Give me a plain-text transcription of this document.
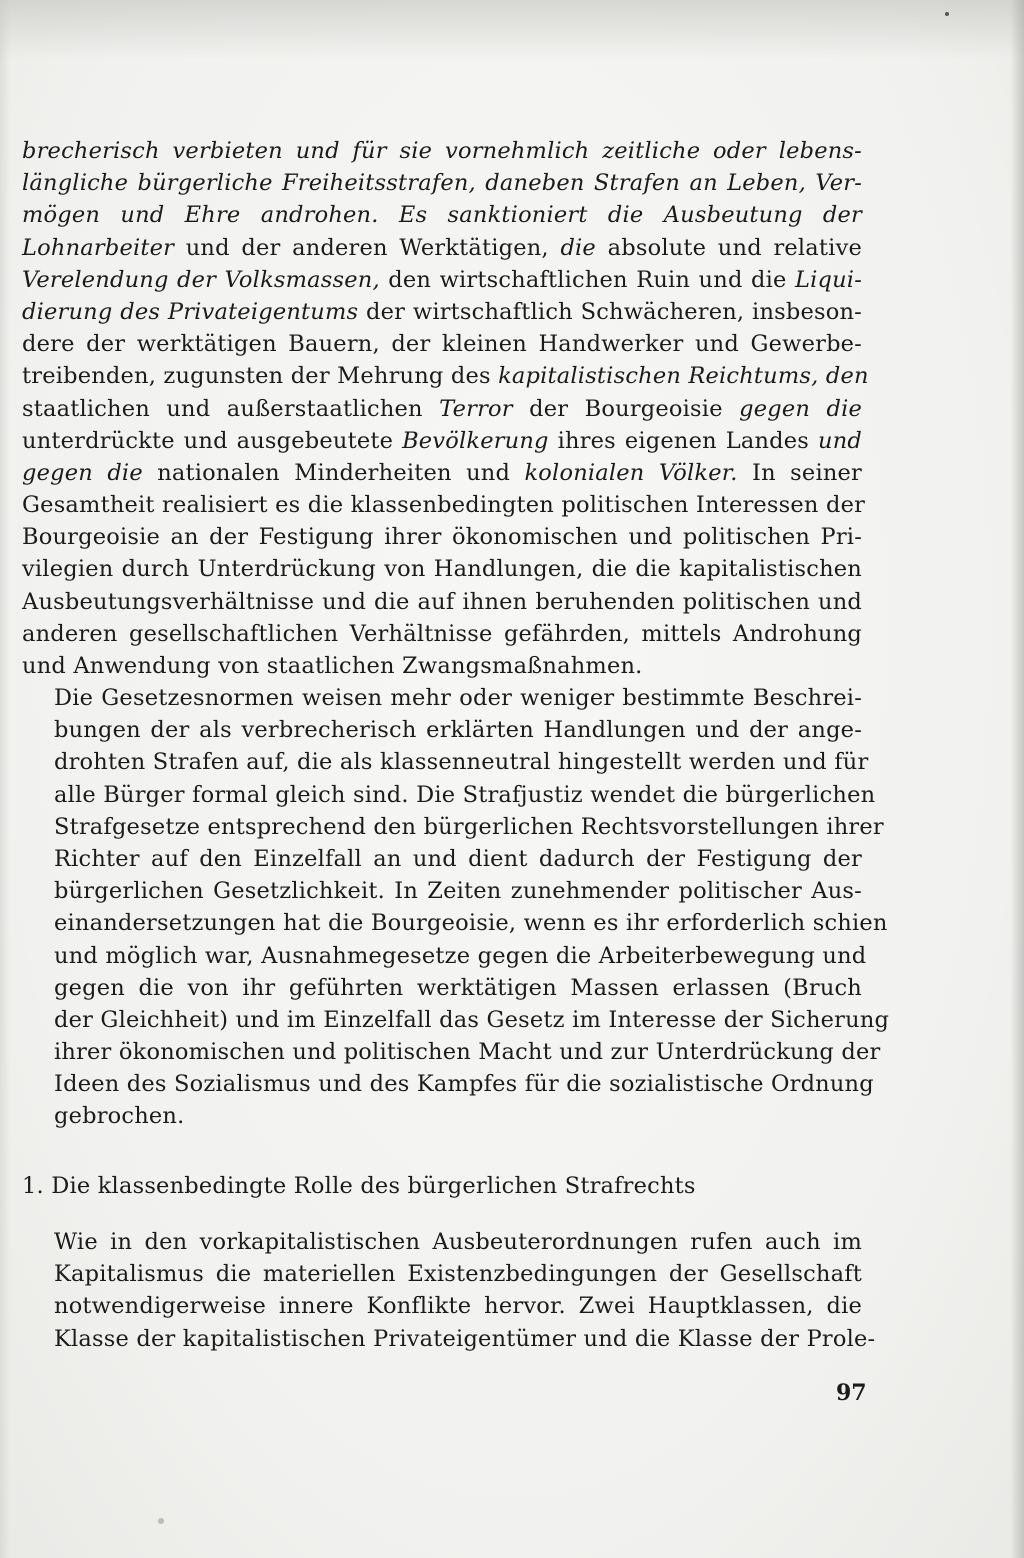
brecherisch verbieten und für sie vornehmlich zeitliche oder lebens-
längliche bürgerliche Freiheitsstrafen, daneben Strafen an Leben, Ver-
mögen und Ehre androhen. Es sanktioniert die Ausbeutung der
Lohnarbeiter und der anderen Werktätigen, die absolute und relative
Verelendung der Volksmassen, den wirtschaftlichen Ruin und die Liqui-
dierung des Privateigentums der wirtschaftlich Schwächeren, insbeson-
dere der werktätigen Bauern, der kleinen Handwerker und Gewerbe-
treibenden, zugunsten der Mehrung des kapitalistischen Reichtums, den
staatlichen und außerstaatlichen Terror der Bourgeoisie gegen die
unterdrückte und ausgebeutete Bevölkerung ihres eigenen Landes und
gegen die nationalen Minderheiten und kolonialen Völker. In seiner
Gesamtheit realisiert es die klassenbedingten politischen Interessen der
Bourgeoisie an der Festigung ihrer ökonomischen und politischen Pri-
vilegien durch Unterdrückung von Handlungen, die die kapitalistischen
Ausbeutungsverhältnisse und die auf ihnen beruhenden politischen und
anderen gesellschaftlichen Verhältnisse gefährden, mittels Androhung
und Anwendung von staatlichen Zwangsmaßnahmen.
Die Gesetzesnormen weisen mehr oder weniger bestimmte Beschrei-
bungen der als verbrecherisch erklärten Handlungen und der ange-
drohten Strafen auf, die als klassenneutral hingestellt werden und für
alle Bürger formal gleich sind. Die Strafjustiz wendet die bürgerlichen
Strafgesetze entsprechend den bürgerlichen Rechtsvorstellungen ihrer
Richter auf den Einzelfall an und dient dadurch der Festigung der
bürgerlichen Gesetzlichkeit. In Zeiten zunehmender politischer Aus-
einandersetzungen hat die Bourgeoisie, wenn es ihr erforderlich schien
und möglich war, Ausnahmegesetze gegen die Arbeiterbewegung und
gegen die von ihr geführten werktätigen Massen erlassen (Bruch
der Gleichheit) und im Einzelfall das Gesetz im Interesse der Sicherung
ihrer ökonomischen und politischen Macht und zur Unterdrückung der
Ideen des Sozialismus und des Kampfes für die sozialistische Ordnung
gebrochen.
1. Die klassenbedingte Rolle des bürgerlichen Strafrechts
Wie in den vorkapitalistischen Ausbeuterordnungen rufen auch im
Kapitalismus die materiellen Existenzbedingungen der Gesellschaft
notwendigerweise innere Konflikte hervor. Zwei Hauptklassen, die
Klasse der kapitalistischen Privateigentümer und die Klasse der Prole-
97
